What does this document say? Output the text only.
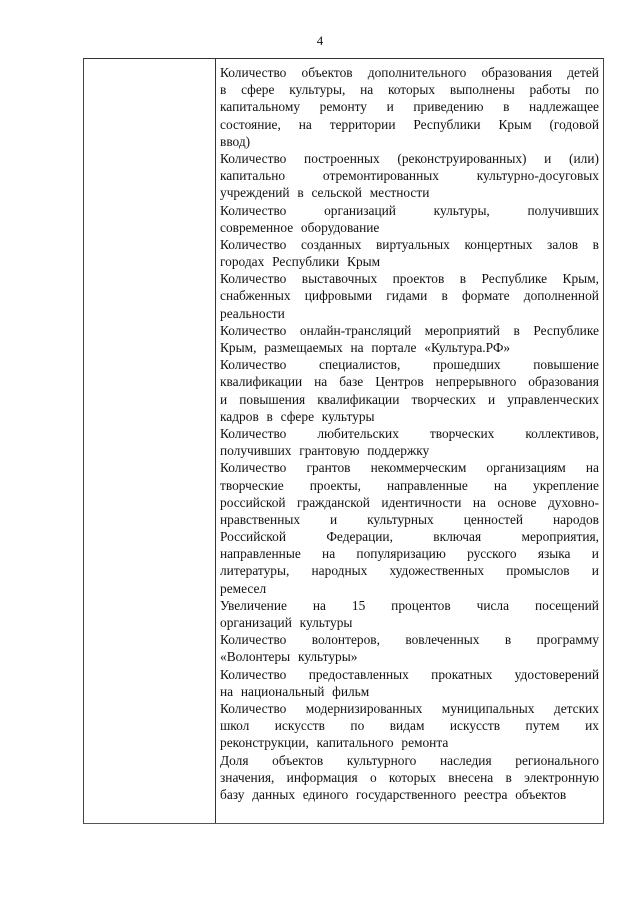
4
Количество объектов дополнительного образования детей
в сфере культуры, на которых выполнены работы по
капитальному ремонту и приведению в надлежащее
состояние, на территории Республики Крым (годовой
ввод)
Количество построенных (реконструированных) и (или)
капитально	отремонтированных	культурно-досуговых
учреждений в сельской местности
Количество	организаций	культуры,	получивших
современное оборудование
Количество созданных виртуальных концертных залов в
городах Республики Крым
Количество выставочных проектов в Республике Крым,
снабженных цифровыми гидами в формате дополненной
реальности
Количество онлайн-трансляций мероприятий в Республике
Крым, размещаемых на портале «Культура.РФ»
Количество специалистов, прошедших повышение
квалификации на базе Центров непрерывного образования
и повышения квалификации творческих и управленческих
кадров в сфере культуры
Количество любительских творческих коллективов,
получивших грантовую поддержку
Количество грантов некоммерческим организациям на
творческие проекты, направленные на укрепление
российской гражданской идентичности на основе духовно-
нравственных и культурных ценностей народов
Российской	Федерации,	включая	мероприятия,
направленные на популяризацию русского языка и
литературы, народных художественных промыслов и
ремесел
Увеличение на 15 процентов числа посещений
организаций культуры
Количество волонтеров, вовлеченных в программу
«Волонтеры культуры»
Количество предоставленных прокатных удостоверений
на национальный фильм
Количество модернизированных муниципальных детских
школ искусств по видам искусств путем их
реконструкции, капитального ремонта
Доля объектов культурного наследия регионального
значения, информация о которых внесена в электронную
базу данных единого государственного реестра объектов
